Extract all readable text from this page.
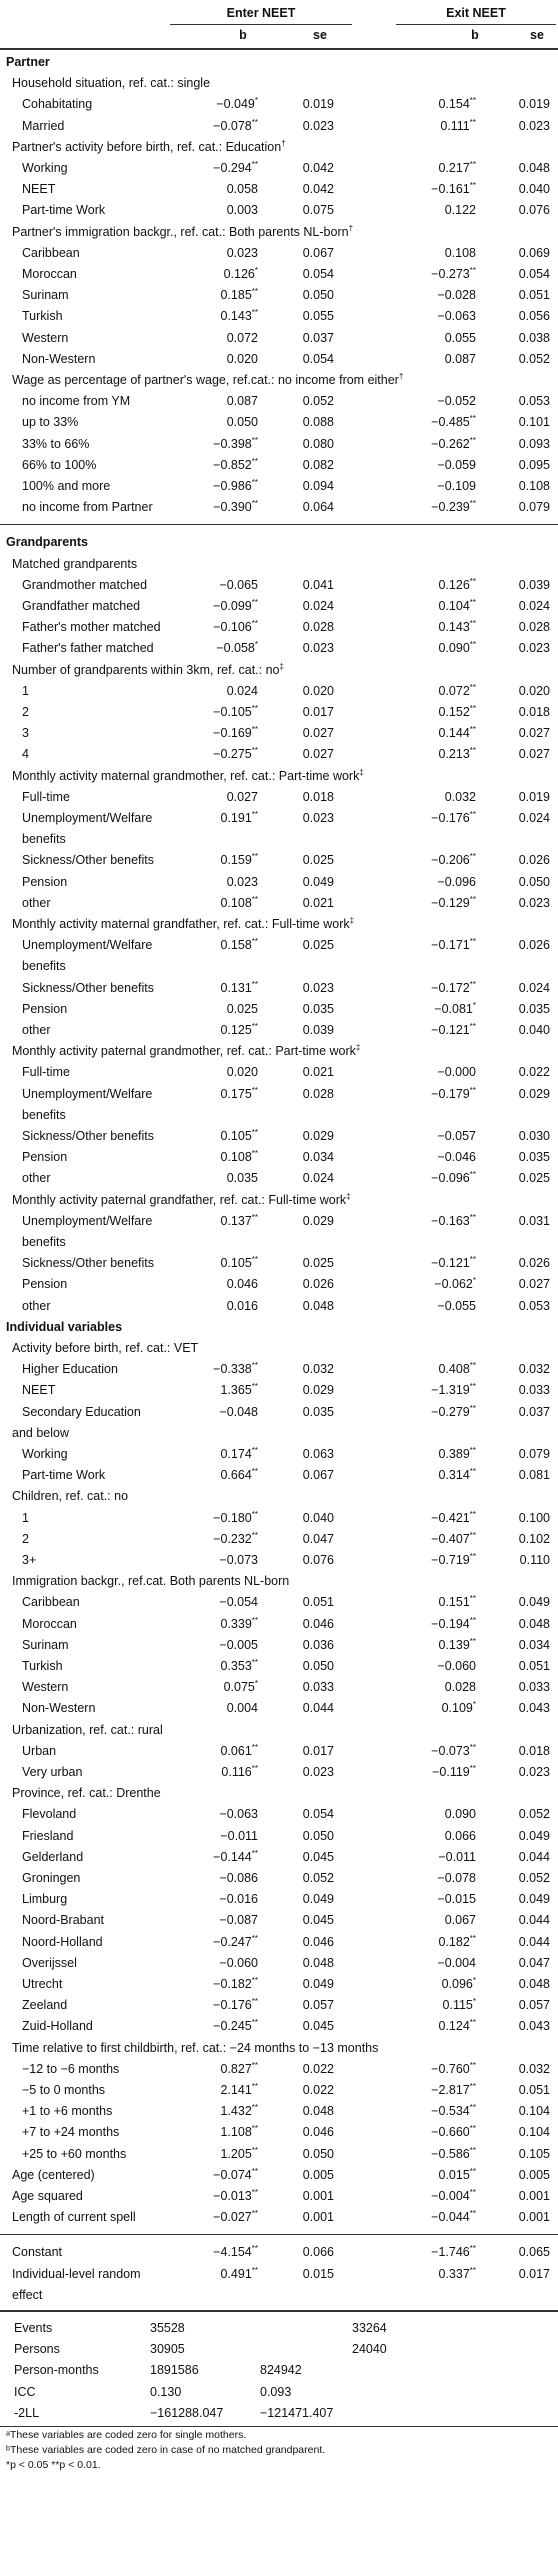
Enter NEET	Exit NEET
b	se	b	se
Partner
Household situation, ref. cat.: single
Cohabitating	−0.049*	0.019	0.154**	0.019
Married	−0.078**	0.023	0.111**	0.023
Partner's activity before birth, ref. cat.: Education†
Working	−0.294**	0.042	0.217**	0.048
NEET	0.058	0.042	−0.161**	0.040
Part-time Work	0.003	0.075	0.122	0.076
Partner's immigration backgr., ref. cat.: Both parents NL-born†
Caribbean	0.023	0.067	0.108	0.069
Moroccan	0.126*	0.054	−0.273**	0.054
Surinam	0.185**	0.050	−0.028	0.051
Turkish	0.143**	0.055	−0.063	0.056
Western	0.072	0.037	0.055	0.038
Non-Western	0.020	0.054	0.087	0.052
Wage as percentage of partner's wage, ref.cat.: no income from either†
no income from YM	0.087	0.052	−0.052	0.053
up to 33%	0.050	0.088	−0.485**	0.101
33% to 66%	−0.398**	0.080	−0.262**	0.093
66% to 100%	−0.852**	0.082	−0.059	0.095
100% and more	−0.986**	0.094	−0.109	0.108
no income from Partner	−0.390**	0.064	−0.239**	0.079
Grandparents
Matched grandparents
Grandmother matched	−0.065	0.041	0.126**	0.039
Grandfather matched	−0.099**	0.024	0.104**	0.024
Father's mother matched	−0.106**	0.028	0.143**	0.028
Father's father matched	−0.058*	0.023	0.090**	0.023
Number of grandparents within 3km, ref. cat.: no‡
1	0.024	0.020	0.072**	0.020
2	−0.105**	0.017	0.152**	0.018
3	−0.169**	0.027	0.144**	0.027
4	−0.275**	0.027	0.213**	0.027
Monthly activity maternal grandmother, ref. cat.: Part-time work‡
Full-time	0.027	0.018	0.032	0.019
Unemployment/Welfare	0.191**	0.023	−0.176**	0.024
benefits
Sickness/Other benefits	0.159**	0.025	−0.206**	0.026
Pension	0.023	0.049	−0.096	0.050
other	0.108**	0.021	−0.129**	0.023
Monthly activity maternal grandfather, ref. cat.: Full-time work‡
Unemployment/Welfare	0.158**	0.025	−0.171**	0.026
benefits
Sickness/Other benefits	0.131**	0.023	−0.172**	0.024
Pension	0.025	0.035	−0.081*	0.035
other	0.125**	0.039	−0.121**	0.040
Monthly activity paternal grandmother, ref. cat.: Part-time work‡
Full-time	0.020	0.021	−0.000	0.022
Unemployment/Welfare	0.175**	0.028	−0.179**	0.029
benefits
Sickness/Other benefits	0.105**	0.029	−0.057	0.030
Pension	0.108**	0.034	−0.046	0.035
other	0.035	0.024	−0.096**	0.025
Monthly activity paternal grandfather, ref. cat.: Full-time work‡
Unemployment/Welfare	0.137**	0.029	−0.163**	0.031
benefits
Sickness/Other benefits	0.105**	0.025	−0.121**	0.026
Pension	0.046	0.026	−0.062*	0.027
other	0.016	0.048	−0.055	0.053
Individual variables
Activity before birth, ref. cat.: VET
Higher Education	−0.338**	0.032	0.408**	0.032
NEET	1.365**	0.029	−1.319**	0.033
Secondary Education	−0.048	0.035	−0.279**	0.037
and below
Working	0.174**	0.063	0.389**	0.079
Part-time Work	0.664**	0.067	0.314**	0.081
Children, ref. cat.: no
1	−0.180**	0.040	−0.421**	0.100
2	−0.232**	0.047	−0.407**	0.102
3+	−0.073	0.076	−0.719**	0.110
Immigration backgr., ref.cat. Both parents NL-born
Caribbean	−0.054	0.051	0.151**	0.049
Moroccan	0.339**	0.046	−0.194**	0.048
Surinam	−0.005	0.036	0.139**	0.034
Turkish	0.353**	0.050	−0.060	0.051
Western	0.075*	0.033	0.028	0.033
Non-Western	0.004	0.044	0.109*	0.043
Urbanization, ref. cat.: rural
Urban	0.061**	0.017	−0.073**	0.018
Very urban	0.116**	0.023	−0.119**	0.023
Province, ref. cat.: Drenthe
Flevoland	−0.063	0.054	0.090	0.052
Friesland	−0.011	0.050	0.066	0.049
Gelderland	−0.144**	0.045	−0.011	0.044
Groningen	−0.086	0.052	−0.078	0.052
Limburg	−0.016	0.049	−0.015	0.049
Noord-Brabant	−0.087	0.045	0.067	0.044
Noord-Holland	−0.247**	0.046	0.182**	0.044
Overijssel	−0.060	0.048	−0.004	0.047
Utrecht	−0.182**	0.049	0.096*	0.048
Zeeland	−0.176**	0.057	0.115*	0.057
Zuid-Holland	−0.245**	0.045	0.124**	0.043
Time relative to first childbirth, ref. cat.: −24 months to −13 months
−12 to −6 months	0.827**	0.022	−0.760**	0.032
−5 to 0 months	2.141**	0.022	−2.817**	0.051
+1 to +6 months	1.432**	0.048	−0.534**	0.104
+7 to +24 months	1.108**	0.046	−0.660**	0.104
+25 to +60 months	1.205**	0.050	−0.586**	0.105
Age (centered)	−0.074**	0.005	0.015**	0.005
Age squared	−0.013**	0.001	−0.004**	0.001
Length of current spell	−0.027**	0.001	−0.044**	0.001
Constant	−4.154**	0.066	−1.746**	0.065
Individual-level random	0.491**	0.015	0.337**	0.017
effect
Events	35528	33264
Persons	30905	24040
Person-months	1891586	824942
ICC	0.130	0.093
-2LL	−161288.047	−121471.407
ᵃThese variables are coded zero for single mothers.
ᵇThese variables are coded zero in case of no matched grandparent.
*p < 0.05 **p < 0.01.
